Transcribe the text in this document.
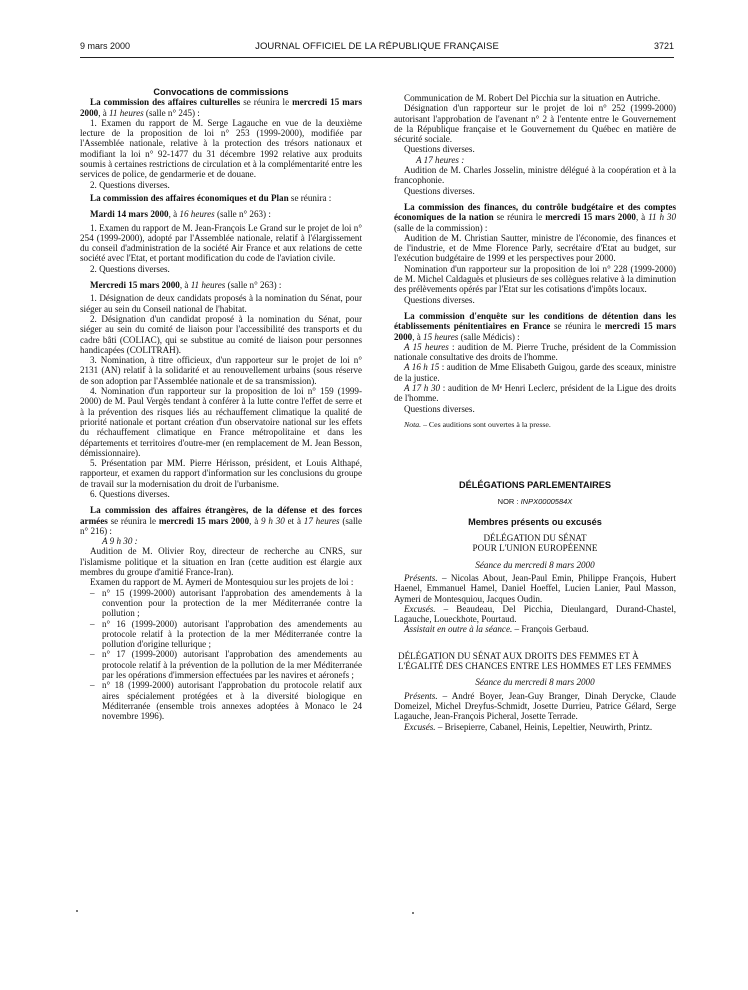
9 mars 2000	JOURNAL OFFICIEL DE LA RÉPUBLIQUE FRANÇAISE	3721

Convocations de commissions

La commission des affaires culturelles se réunira le mercredi 15 mars 2000, à 11 heures (salle n° 245) :

1. Examen du rapport de M. Serge Lagauche en vue de la deuxième lecture de la proposition de loi n° 253 (1999-2000), modifiée par l'Assemblée nationale, relative à la protection des trésors nationaux et modifiant la loi n° 92-1477 du 31 décembre 1992 relative aux produits soumis à certaines restrictions de circulation et à la complémentarité entre les services de police, de gendarmerie et de douane.

2. Questions diverses.

La commission des affaires économiques et du Plan se réunira :

Mardi 14 mars 2000, à 16 heures (salle n° 263) :

1. Examen du rapport de M. Jean-François Le Grand sur le projet de loi n° 254 (1999-2000), adopté par l'Assemblée nationale, relatif à l'élargissement du conseil d'administration de la société Air France et aux relations de cette société avec l'Etat, et portant modification du code de l'aviation civile.

2. Questions diverses.

Mercredi 15 mars 2000, à 11 heures (salle n° 263) :

1. Désignation de deux candidats proposés à la nomination du Sénat, pour siéger au sein du Conseil national de l'habitat.

2. Désignation d'un candidat proposé à la nomination du Sénat, pour siéger au sein du comité de liaison pour l'accessibilité des transports et du cadre bâti (COLIAC), qui se substitue au comité de liaison pour personnes handicapées (COLITRAH).

3. Nomination, à titre officieux, d'un rapporteur sur le projet de loi n° 2131 (AN) relatif à la solidarité et au renouvellement urbains (sous réserve de son adoption par l'Assemblée nationale et de sa transmission).

4. Nomination d'un rapporteur sur la proposition de loi n° 159 (1999-2000) de M. Paul Vergès tendant à conférer à la lutte contre l'effet de serre et à la prévention des risques liés au réchauffement climatique la qualité de priorité nationale et portant création d'un observatoire national sur les effets du réchauffement climatique en France métropolitaine et dans les départements et territoires d'outre-mer (en remplacement de M. Jean Besson, démissionnaire).

5. Présentation par MM. Pierre Hérisson, président, et Louis Althapé, rapporteur, et examen du rapport d'information sur les conclusions du groupe de travail sur la modernisation du droit de l'urbanisme.

6. Questions diverses.

La commission des affaires étrangères, de la défense et des forces armées se réunira le mercredi 15 mars 2000, à 9 h 30 et à 17 heures (salle n° 216) :

A 9 h 30 :

Audition de M. Olivier Roy, directeur de recherche au CNRS, sur l'islamisme politique et la situation en Iran (cette audition est élargie aux membres du groupe d'amitié France-Iran).

Examen du rapport de M. Aymeri de Montesquiou sur les projets de loi :

– n° 15 (1999-2000) autorisant l'approbation des amendements à la convention pour la protection de la mer Méditerranée contre la pollution ;
– n° 16 (1999-2000) autorisant l'approbation des amendements au protocole relatif à la protection de la mer Méditerranée contre la pollution d'origine tellurique ;
– n° 17 (1999-2000) autorisant l'approbation des amendements au protocole relatif à la prévention de la pollution de la mer Méditerranée par les opérations d'immersion effectuées par les navires et aéronefs ;
– n° 18 (1999-2000) autorisant l'approbation du protocole relatif aux aires spécialement protégées et à la diversité biologique en Méditerranée (ensemble trois annexes adoptées à Monaco le 24 novembre 1996).

Communication de M. Robert Del Picchia sur la situation en Autriche.

Désignation d'un rapporteur sur le projet de loi n° 252 (1999-2000) autorisant l'approbation de l'avenant n° 2 à l'entente entre le Gouvernement de la République française et le Gouvernement du Québec en matière de sécurité sociale.

Questions diverses.

A 17 heures :

Audition de M. Charles Josselin, ministre délégué à la coopération et à la francophonie.

Questions diverses.

La commission des finances, du contrôle budgétaire et des comptes économiques de la nation se réunira le mercredi 15 mars 2000, à 11 h 30 (salle de la commission) :

Audition de M. Christian Sautter, ministre de l'économie, des finances et de l'industrie, et de Mme Florence Parly, secrétaire d'Etat au budget, sur l'exécution budgétaire de 1999 et les perspectives pour 2000.

Nomination d'un rapporteur sur la proposition de loi n° 228 (1999-2000) de M. Michel Caldaguès et plusieurs de ses collègues relative à la diminution des prélèvements opérés par l'Etat sur les cotisations d'impôts locaux.

Questions diverses.

La commission d'enquête sur les conditions de détention dans les établissements pénitentiaires en France se réunira le mercredi 15 mars 2000, à 15 heures (salle Médicis) :

A 15 heures : audition de M. Pierre Truche, président de la Commission nationale consultative des droits de l'homme.

A 16 h 15 : audition de Mme Elisabeth Guigou, garde des sceaux, ministre de la justice.

A 17 h 30 : audition de Mᵉ Henri Leclerc, président de la Ligue des droits de l'homme.

Questions diverses.

Nota. – Ces auditions sont ouvertes à la presse.

DÉLÉGATIONS PARLEMENTAIRES

NOR : INPX0000584X

Membres présents ou excusés

DÉLÉGATION DU SÉNAT

POUR L'UNION EUROPÉENNE

Séance du mercredi 8 mars 2000

Présents. – Nicolas About, Jean-Paul Emin, Philippe François, Hubert Haenel, Emmanuel Hamel, Daniel Hoeffel, Lucien Lanier, Paul Masson, Aymeri de Montesquiou, Jacques Oudin.

Excusés. – Beaudeau, Del Picchia, Dieulangard, Durand-Chastel, Lagauche, Loueckhote, Pourtaud.

Assistait en outre à la séance. – François Gerbaud.

DÉLÉGATION DU SÉNAT AUX DROITS DES FEMMES ET À L'ÉGALITÉ DES CHANCES ENTRE LES HOMMES ET LES FEMMES

Séance du mercredi 8 mars 2000

Présents. – André Boyer, Jean-Guy Branger, Dinah Derycke, Claude Domeizel, Michel Dreyfus-Schmidt, Josette Durrieu, Patrice Gélard, Serge Lagauche, Jean-François Picheral, Josette Terrade.

Excusés. – Brisepierre, Cabanel, Heinis, Lepeltier, Neuwirth, Printz.
